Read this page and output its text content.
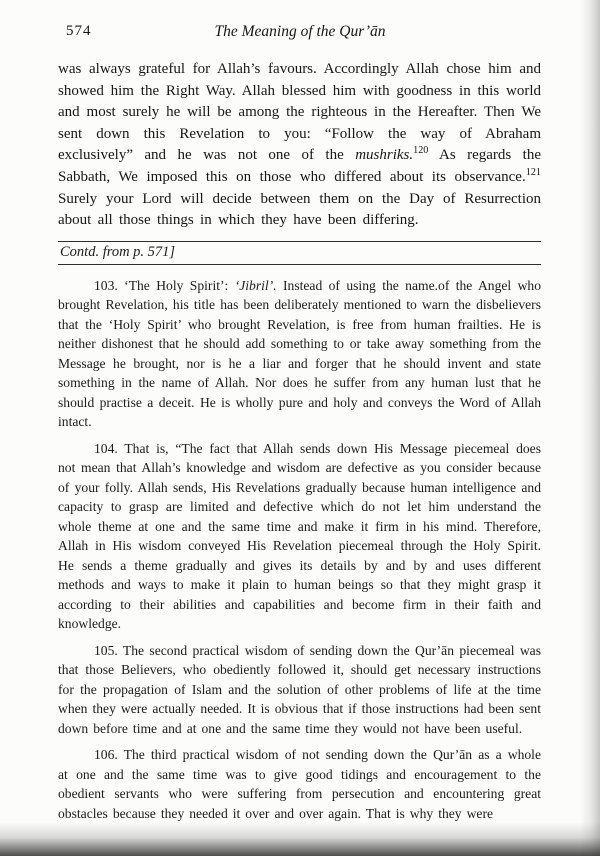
574	The Meaning of the Qur’ān

was always grateful for Allah’s favours. Accordingly Allah chose him and showed him the Right Way. Allah blessed him with goodness in this world and most surely he will be among the righteous in the Hereafter. Then We sent down this Revelation to you: “Follow the way of Abraham exclusively” and he was not one of the mushriks.$^{120}$ As regards the Sabbath, We imposed this on those who differed about its observance.$^{121}$ Surely your Lord will decide between them on the Day of Resurrection about all those things in which they have been differing.

Contd. from p. 571]

103. ‘The Holy Spirit’: ‘Jibril’. Instead of using the name.of the Angel who brought Revelation, his title has been deliberately mentioned to warn the disbelievers that the ‘Holy Spirit’ who brought Revelation, is free from human frailties. He is neither dishonest that he should add something to or take away something from the Message he brought, nor is he a liar and forger that he should invent and state something in the name of Allah. Nor does he suffer from any human lust that he should practise a deceit. He is wholly pure and holy and conveys the Word of Allah intact.

104. That is, “The fact that Allah sends down His Message piecemeal does not mean that Allah’s knowledge and wisdom are defective as you consider because of your folly. Allah sends, His Revelations gradually because human intelligence and capacity to grasp are limited and defective which do not let him understand the whole theme at one and the same time and make it firm in his mind. Therefore, Allah in His wisdom conveyed His Revelation piecemeal through the Holy Spirit. He sends a theme gradually and gives its details by and by and uses different methods and ways to make it plain to human beings so that they might grasp it according to their abilities and capabilities and become firm in their faith and knowledge.

105. The second practical wisdom of sending down the Qur’ān piecemeal was that those Believers, who obediently followed it, should get necessary instructions for the propagation of Islam and the solution of other problems of life at the time when they were actually needed. It is obvious that if those instructions had been sent down before time and at one and the same time they would not have been useful.

106. The third practical wisdom of not sending down the Qur’ān as a whole at one and the same time was to give good tidings and encouragement to the obedient servants who were suffering from persecution and encountering great obstacles because they needed it over and over again. That is why they were
